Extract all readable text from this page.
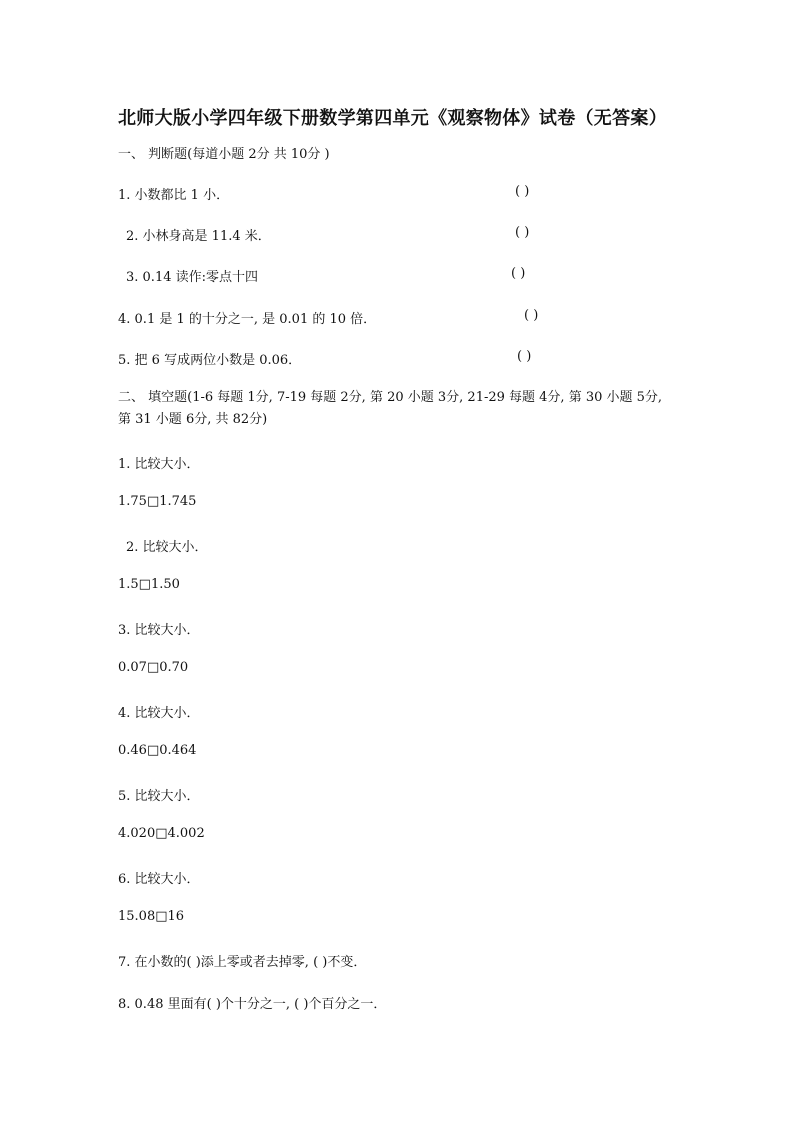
北师大版小学四年级下册数学第四单元《观察物体》试卷（无答案）
一、 判断题(每道小题 2分 共 10分 )
1. 小数都比 1 小．	( )
2. 小林身高是 11.4 米．	( )
3. 0.14 读作:零点十四	( )
4. 0.1 是 1 的十分之一, 是 0.01 的 10 倍．	( )
5. 把 6 写成两位小数是 0.06．	( )
二、 填空题(1-6 每题 1分, 7-19 每题 2分, 第 20 小题 3分, 21-29 每题 4分, 第 30 小题 5分, 第 31 小题 6分, 共 82分)
1. 比较大小．
1.75□1.745
2. 比较大小．
1.5□1.50
3. 比较大小．
0.07□0.70
4. 比较大小．
0.46□0.464
5. 比较大小．
4.020□4.002
6. 比较大小．
15.08□16
7. 在小数的( )添上零或者去掉零, ( )不变．
8. 0.48 里面有( )个十分之一, ( )个百分之一．
